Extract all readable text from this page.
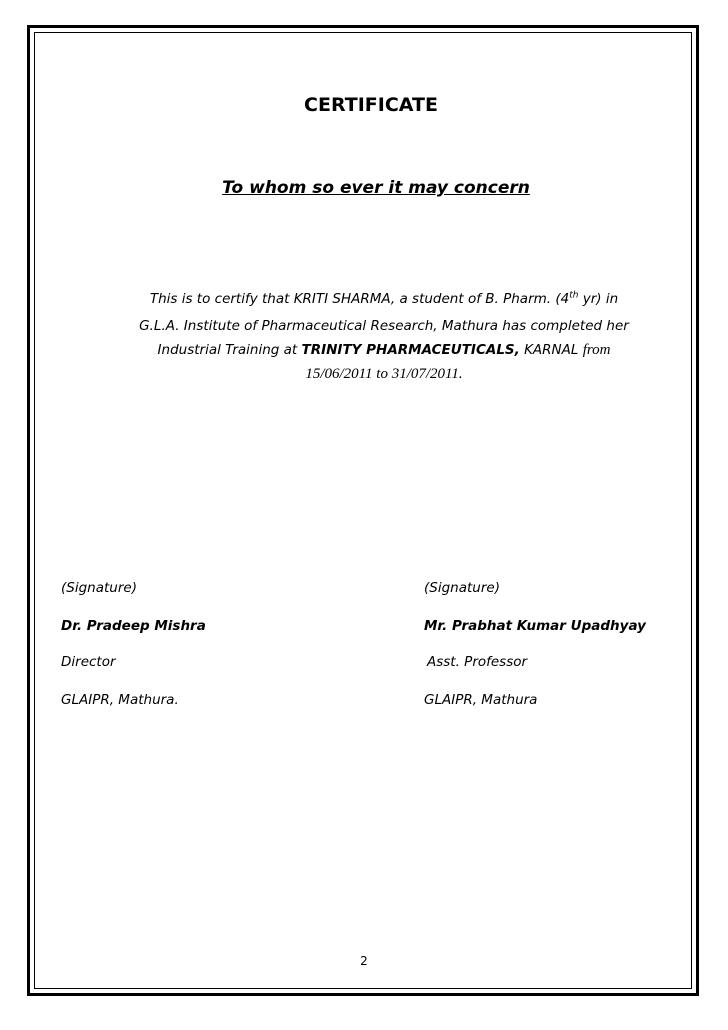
CERTIFICATE
To whom so ever it may concern
This is to certify that KRITI SHARMA, a student of B. Pharm. (4th yr) in
G.L.A. Institute of Pharmaceutical Research, Mathura has completed her
Industrial Training at TRINITY PHARMACEUTICALS, KARNAL from
15/06/2011 to 31/07/2011.
(Signature)
Dr. Pradeep Mishra
Director
GLAIPR, Mathura.
(Signature)
Mr. Prabhat Kumar Upadhyay
Asst. Professor
GLAIPR, Mathura
2
